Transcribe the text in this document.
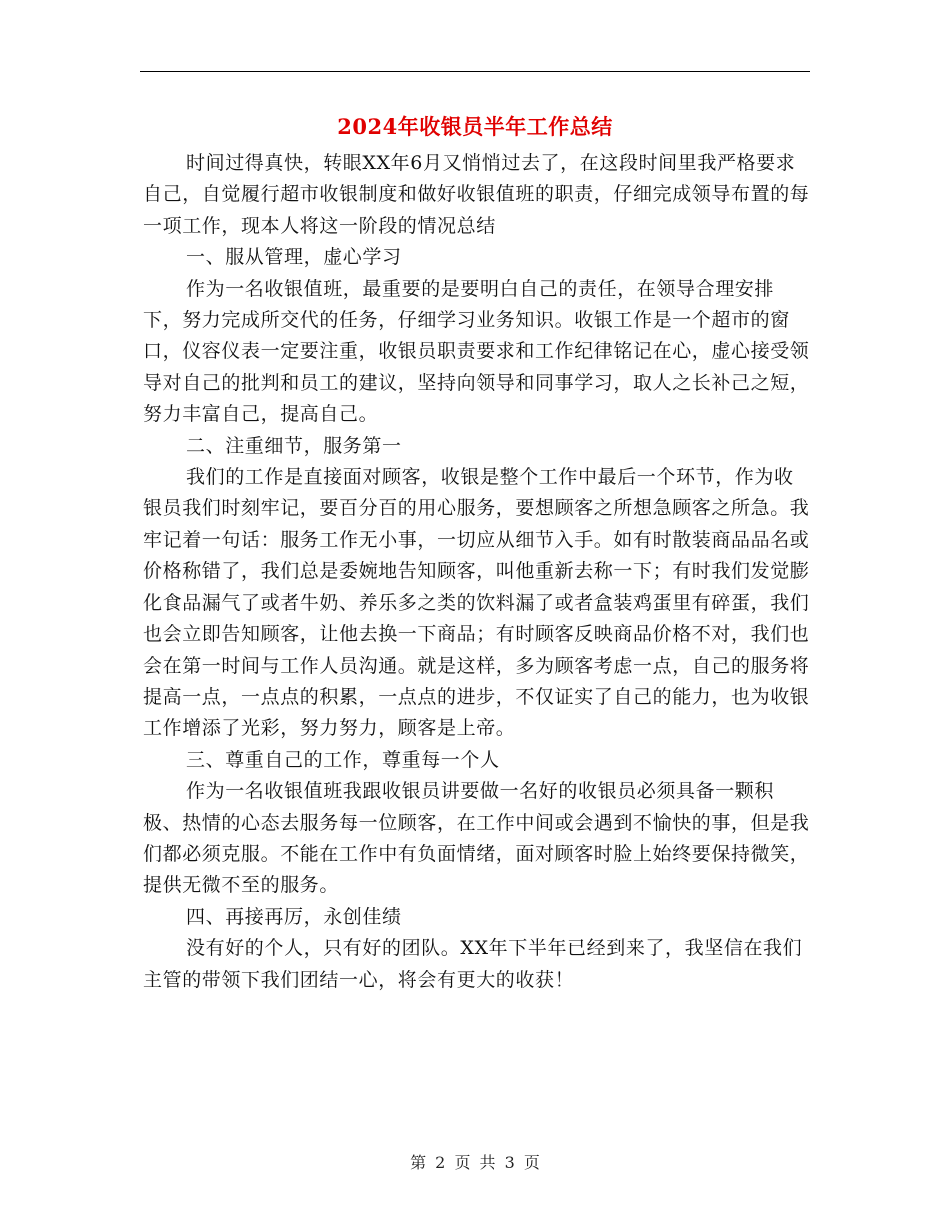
2024年收银员半年工作总结

时间过得真快，转眼XX年6月又悄悄过去了，在这段时间里我严格要求自己，自觉履行超市收银制度和做好收银值班的职责，仔细完成领导布置的每一项工作，现本人将这一阶段的情况总结

一、服从管理，虚心学习

作为一名收银值班，最重要的是要明白自己的责任，在领导合理安排下，努力完成所交代的任务，仔细学习业务知识。收银工作是一个超市的窗口，仪容仪表一定要注重，收银员职责要求和工作纪律铭记在心，虚心接受领导对自己的批判和员工的建议，坚持向领导和同事学习，取人之长补己之短，努力丰富自己，提高自己。

二、注重细节，服务第一

我们的工作是直接面对顾客，收银是整个工作中最后一个环节，作为收银员我们时刻牢记，要百分百的用心服务，要想顾客之所想急顾客之所急。我牢记着一句话：服务工作无小事，一切应从细节入手。如有时散装商品品名或价格称错了，我们总是委婉地告知顾客，叫他重新去称一下；有时我们发觉膨化食品漏气了或者牛奶、养乐多之类的饮料漏了或者盒装鸡蛋里有碎蛋，我们也会立即告知顾客，让他去换一下商品；有时顾客反映商品价格不对，我们也会在第一时间与工作人员沟通。就是这样，多为顾客考虑一点，自己的服务将提高一点，一点点的积累，一点点的进步，不仅证实了自己的能力，也为收银工作增添了光彩，努力努力，顾客是上帝。

三、尊重自己的工作，尊重每一个人

作为一名收银值班我跟收银员讲要做一名好的收银员必须具备一颗积极、热情的心态去服务每一位顾客，在工作中间或会遇到不愉快的事，但是我们都必须克服。不能在工作中有负面情绪，面对顾客时脸上始终要保持微笑，提供无微不至的服务。

四、再接再厉，永创佳绩

没有好的个人，只有好的团队。XX年下半年已经到来了，我坚信在我们主管的带领下我们团结一心，将会有更大的收获！

第 2 页 共 3 页
